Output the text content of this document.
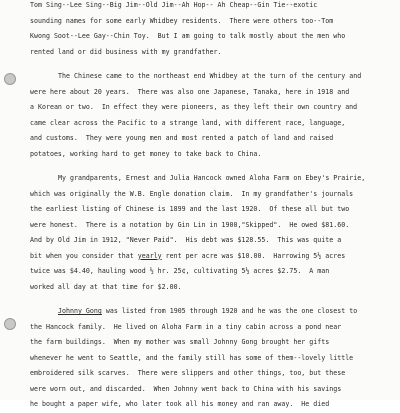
Tom Sing--Lee Sing--Big Jim--Old Jim--Ah Hop-- Ah Cheap--Gin Tie--exotic
sounding names for some early Whidbey residents.  There were others too--Tom
Kwong Soot--Lee Gay--Chin Toy.  But I am going to talk mostly about the men who
rented land or did business with my grandfather.
The Chinese came to the northeast end Whidbey at the turn of the century and
were here about 20 years.  There was also one Japanese, Tanaka, here in 1918 and
a Korean or two.  In effect they were pioneers, as they left their own country and
came clear across the Pacific to a strange land, with different race, language,
and customs.  They were young men and most rented a patch of land and raised
potatoes, working hard to get money to take back to China.
My grandparents, Ernest and Julia Hancock owned Aloha Farm on Ebey's Prairie,
which was originally the W.B. Engle donation claim.  In my grandfather's journals
the earliest listing of Chinese is 1899 and the last 1920.  Of these all but two
were honest.  There is a notation by Gin Lin in 1900,"Skipped".  He owed $81.60.
And by Old Jim in 1912, "Never Paid".  His debt was $128.55.  This was quite a
bit when you consider that yearly rent per acre was $10.00.  Harrowing 5½ acres
twice was $4.40, hauling wood ½ hr. 25¢, cultivating 5½ acres $2.75.  A man
worked all day at that time for $2.00.
Johnny Gong was listed from 1905 through 1920 and he was the one closest to
the Hancock family.  He lived on Aloha Farm in a tiny cabin across a pond near
the farm buildings.  When my mother was small Johnny Gong brought her gifts
whenever he went to Seattle, and the family still has some of them--lovely little
embroidered silk scarves.  There were slippers and other things, too, but these
were worn out, and discarded.  When Johnny went back to China with his savings
he bought a paper wife, who later took all his money and ran away.  He died
